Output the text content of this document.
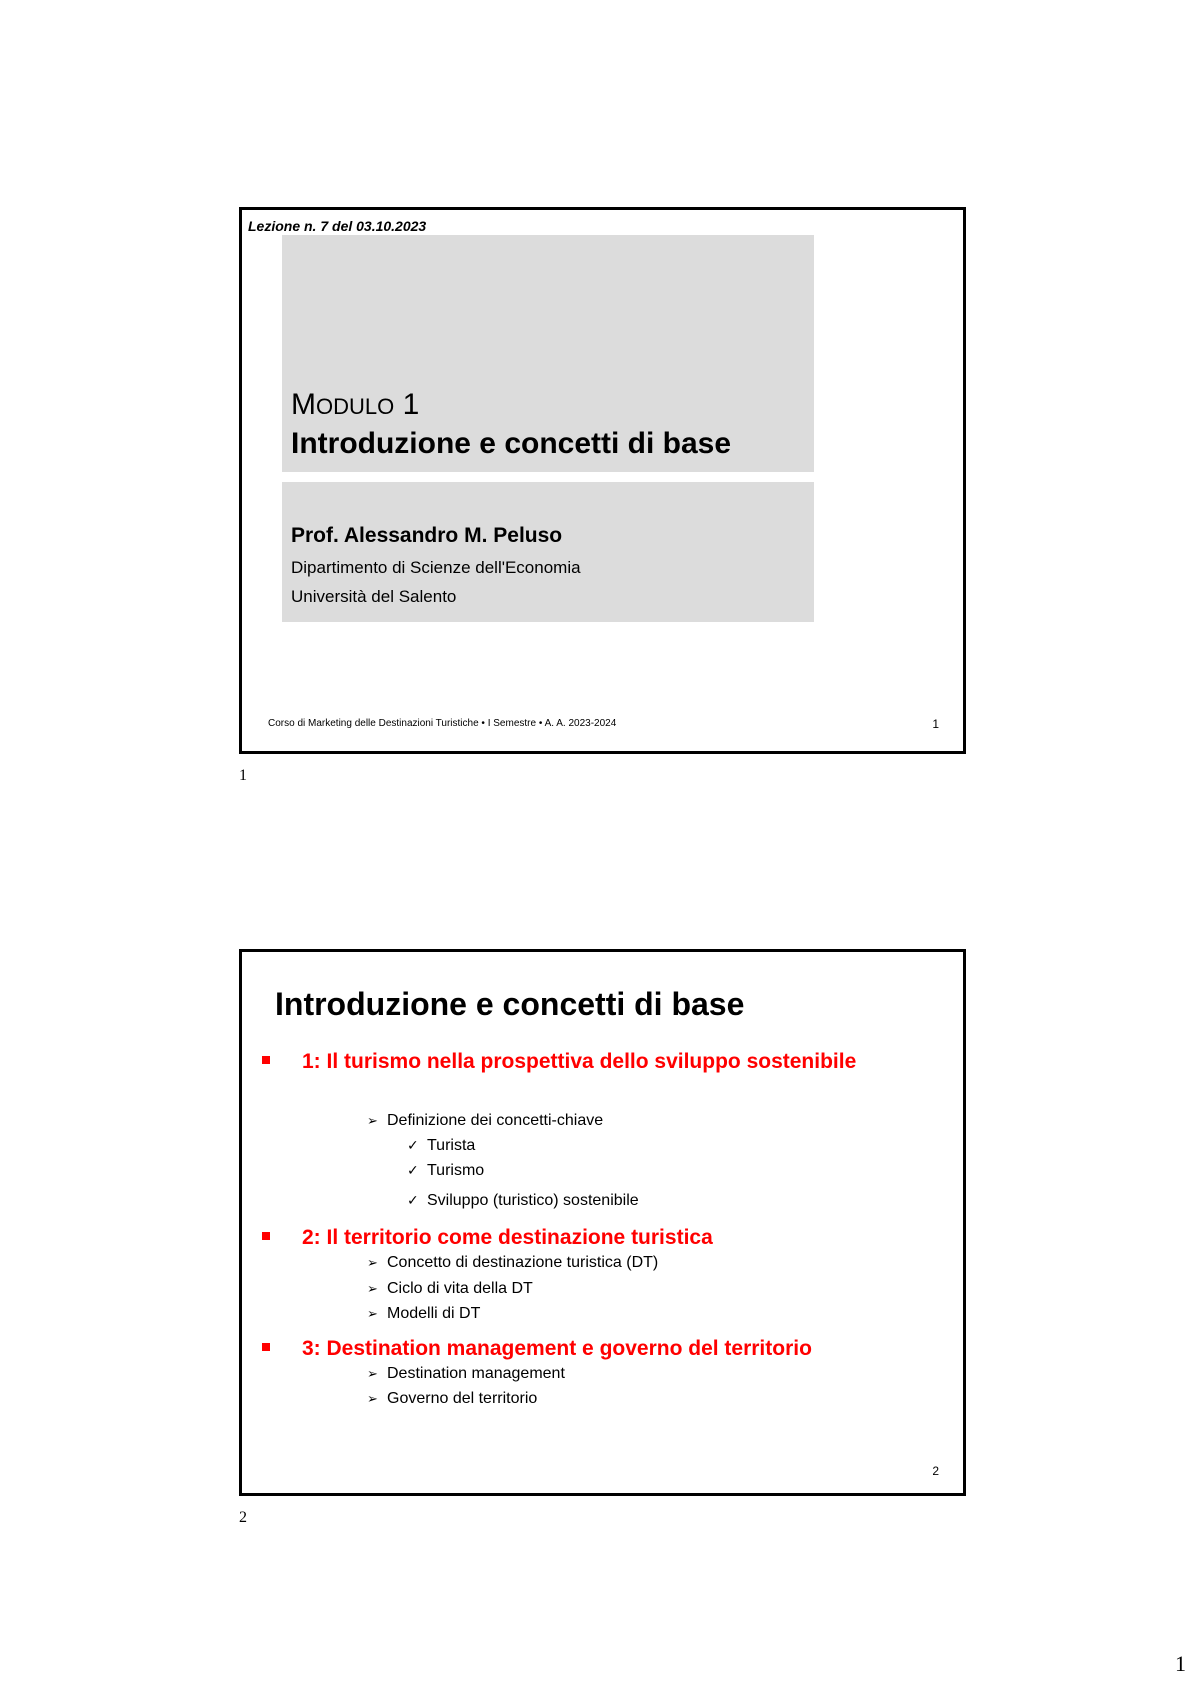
Lezione n. 7 del 03.10.2023
MODULO 1
Introduzione e concetti di base
Prof. Alessandro M. Peluso
Dipartimento di Scienze dell'Economia
Università del Salento
Corso di Marketing delle Destinazioni Turistiche • I Semestre • A. A. 2023-2024	1
1
Introduzione e concetti di base
1: Il turismo nella prospettiva dello sviluppo sostenibile
➢ Definizione dei concetti-chiave
✓ Turista
✓ Turismo
✓ Sviluppo (turistico) sostenibile
2: Il territorio come destinazione turistica
➢ Concetto di destinazione turistica (DT)
➢ Ciclo di vita della DT
➢ Modelli di DT
3: Destination management e governo del territorio
➢ Destination management
➢ Governo del territorio
2
2
1
